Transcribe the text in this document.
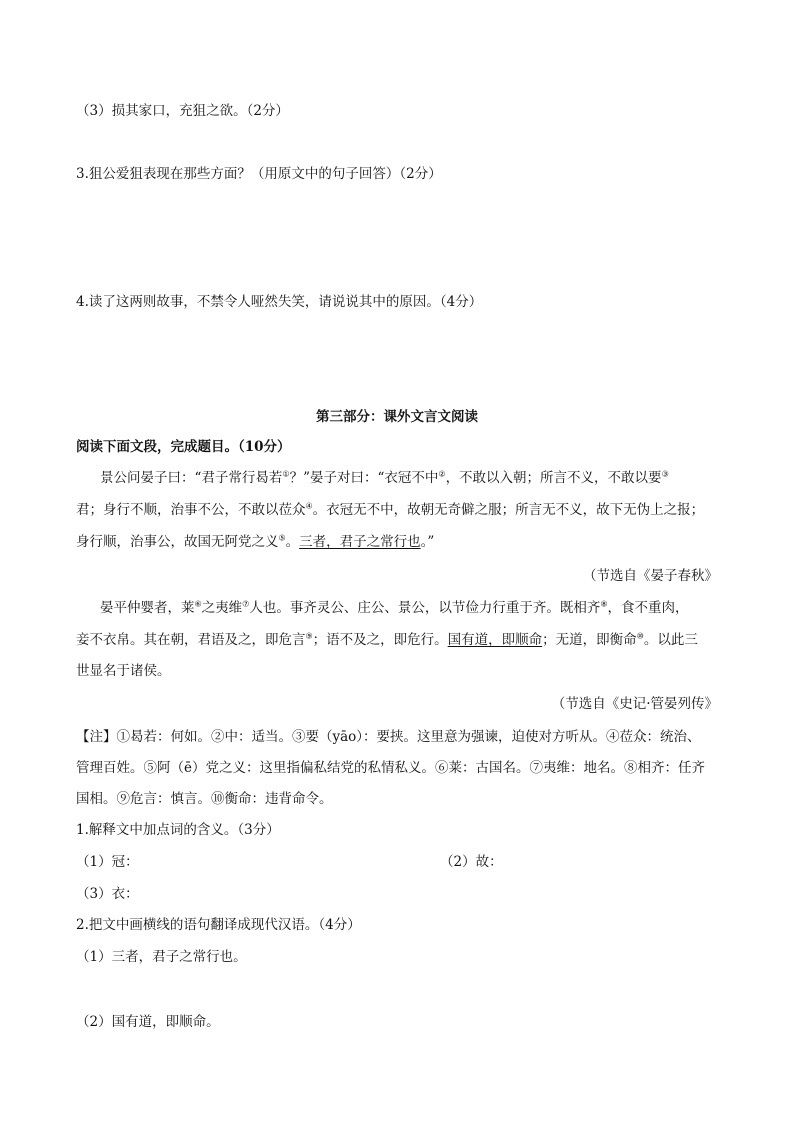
（3）损其家口，充狙之欲。（2分）
3.狙公爱狙表现在那些方面？（用原文中的句子回答）（2分）
4.读了这两则故事，不禁令人哑然失笑，请说说其中的原因。（4分）
第三部分：课外文言文阅读
阅读下面文段，完成题目。（10分）
景公问晏子曰：“君子常行曷若①？”晏子对曰：“衣冠不中②，不敢以入朝；所言不义，不敢以要③
君；身行不顺，治事不公，不敢以莅众④。衣冠无不中，故朝无奇僻之服；所言无不义，故下无伪上之报；
身行顺，治事公，故国无阿党之义⑤。三者，君子之常行也。”
（节选自《晏子春秋》
晏平仲婴者，莱⑥之夷维⑦人也。事齐灵公、庄公、景公，以节俭力行重于齐。既相齐⑧，食不重肉，
妾不衣帛。其在朝，君语及之，即危言⑨；语不及之，即危行。国有道，即顺命；无道，即衡命⑩。以此三
世显名于诸侯。
（节选自《史记·管晏列传》
【注】①曷若：何如。②中：适当。③要（yāo）：要挟。这里意为强谏，迫使对方听从。④莅众：统治、
管理百姓。⑤阿（ē）党之义：这里指偏私结党的私情私义。⑥莱：古国名。⑦夷维：地名。⑧相齐：任齐
国相。⑨危言：慎言。⑩衡命：违背命令。
1.解释文中加点词的含义。（3分）
（1）冠：	（2）故：
（3）衣：
2.把文中画横线的语句翻译成现代汉语。（4分）
（1）三者，君子之常行也。
（2）国有道，即顺命。
